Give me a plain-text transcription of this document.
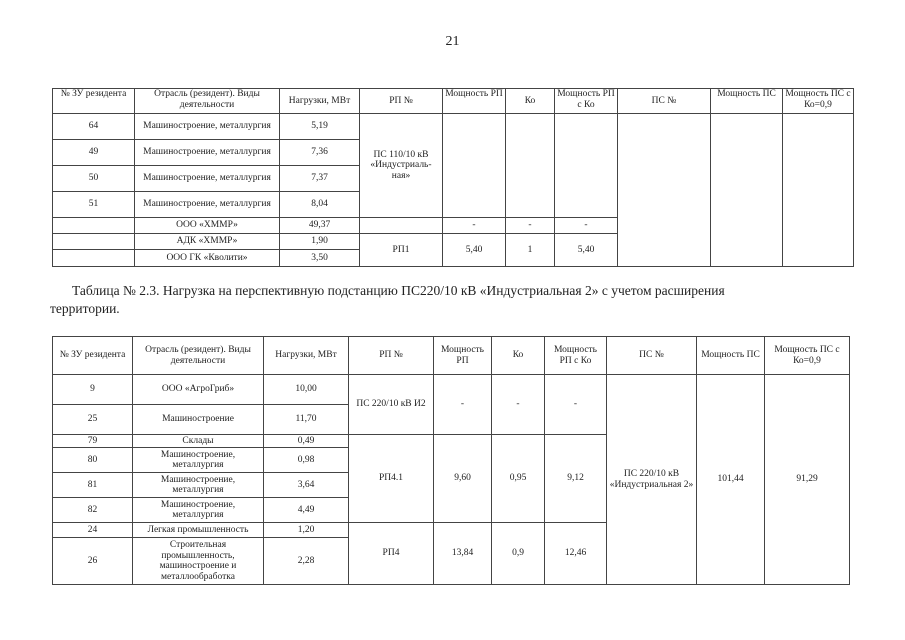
21
№ ЗУ резидента	Отрасль (резидент). Виды деятельности	Нагрузки, МВт	РП №	Мощность РП	Ко	Мощность РП с Ко	ПС №	Мощность ПС	Мощность ПС с Ко=0,9
64	Машиностроение, металлургия	5,19	ПС 110/10 кВ «Индустриаль-ная»						
49	Машиностроение, металлургия	7,36							
50	Машиностроение, металлургия	7,37							
51	Машиностроение, металлургия	8,04							
	ООО «ХММР»	49,37		-	-	-			
	АДК «ХММР»	1,90	РП1	5,40	1	5,40			
	ООО ГК «Кволити»	3,50							
Таблица № 2.3. Нагрузка на перспективную подстанцию ПС220/10 кВ «Индустриальная 2» с учетом расширения
территории.
№ ЗУ резидента	Отрасль (резидент). Виды деятельности	Нагрузки, МВт	РП №	Мощность РП	Ко	Мощность РП с Ко	ПС №	Мощность ПС	Мощность ПС с Ко=0,9
9	ООО «АгроГриб»	10,00	ПС 220/10 кВ И2	-	-	-	ПС 220/10 кВ «Индустриальная 2»	101,44	91,29
25	Машиностроение	11,70							
79	Склады	0,49	РП4.1	9,60	0,95	9,12			
80	Машиностроение, металлургия	0,98							
81	Машиностроение, металлургия	3,64							
82	Машиностроение, металлургия	4,49							
24	Легкая промышленность	1,20	РП4	13,84	0,9	12,46			
26	Строительная промышленность, машиностроение и металлообработка	2,28							
